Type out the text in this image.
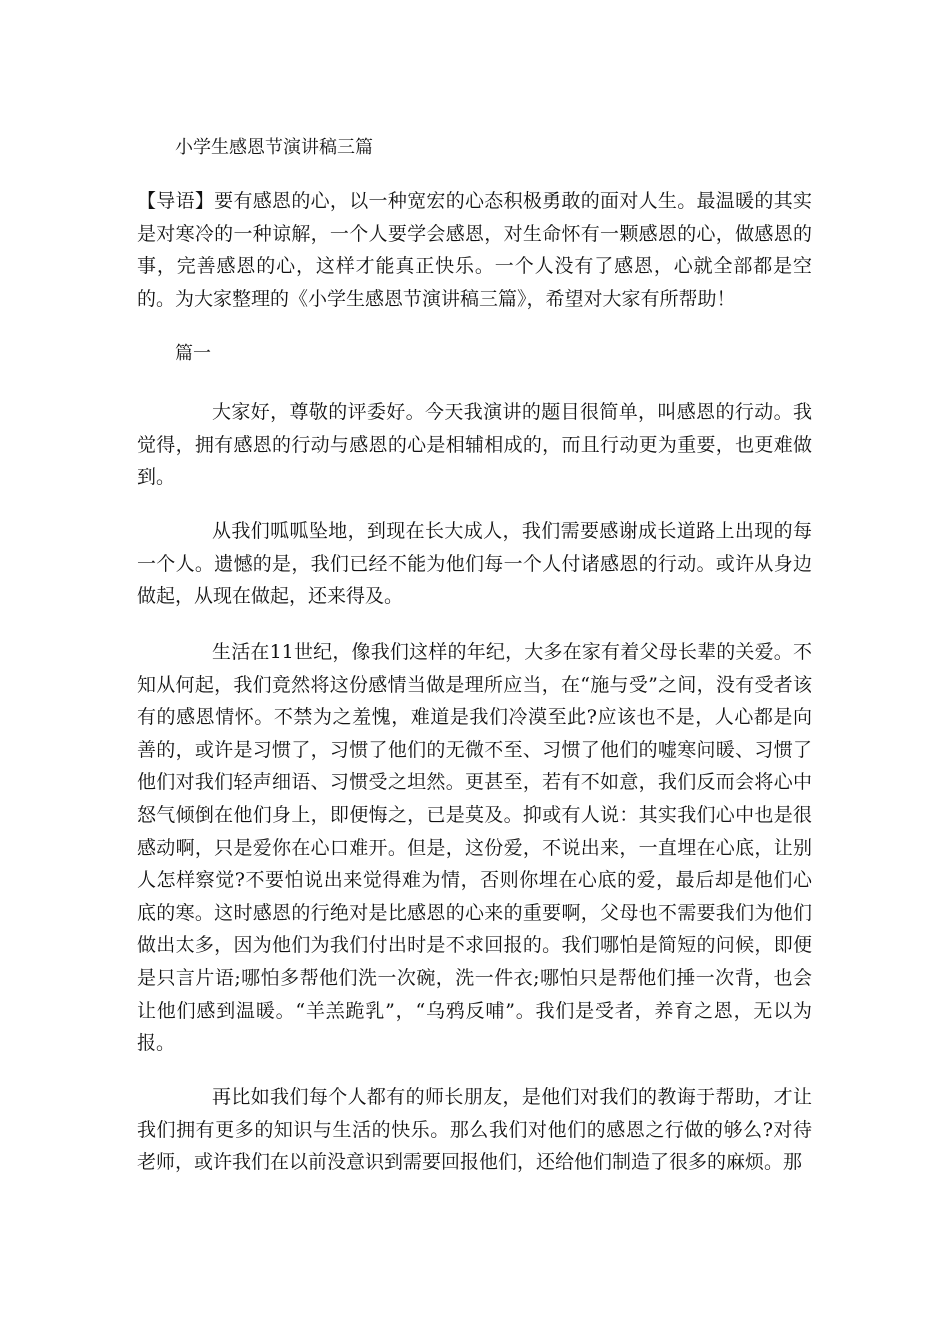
小学生感恩节演讲稿三篇

【导语】要有感恩的心，以一种宽宏的心态积极勇敢的面对人生。最温暖的其实是对寒冷的一种谅解，一个人要学会感恩，对生命怀有一颗感恩的心，做感恩的事，完善感恩的心，这样才能真正快乐。一个人没有了感恩，心就全部都是空的。为大家整理的《小学生感恩节演讲稿三篇》，希望对大家有所帮助！

篇一

大家好，尊敬的评委好。今天我演讲的题目很简单，叫感恩的行动。我觉得，拥有感恩的行动与感恩的心是相辅相成的，而且行动更为重要，也更难做到。

从我们呱呱坠地，到现在长大成人，我们需要感谢成长道路上出现的每一个人。遗憾的是，我们已经不能为他们每一个人付诸感恩的行动。或许从身边做起，从现在做起，还来得及。

生活在11世纪，像我们这样的年纪，大多在家有着父母长辈的关爱。不知从何起，我们竟然将这份感情当做是理所应当，在“施与受”之间，没有受者该有的感恩情怀。不禁为之羞愧，难道是我们冷漠至此?应该也不是，人心都是向善的，或许是习惯了，习惯了他们的无微不至、习惯了他们的嘘寒问暖、习惯了他们对我们轻声细语、习惯受之坦然。更甚至，若有不如意，我们反而会将心中怒气倾倒在他们身上，即便悔之，已是莫及。抑或有人说：其实我们心中也是很感动啊，只是爱你在心口难开。但是，这份爱，不说出来，一直埋在心底，让别人怎样察觉?不要怕说出来觉得难为情，否则你埋在心底的爱，最后却是他们心底的寒。这时感恩的行绝对是比感恩的心来的重要啊，父母也不需要我们为他们做出太多，因为他们为我们付出时是不求回报的。我们哪怕是简短的问候，即便是只言片语;哪怕多帮他们洗一次碗，洗一件衣;哪怕只是帮他们捶一次背，也会让他们感到温暖。“羊羔跪乳”，“乌鸦反哺”。我们是受者，养育之恩，无以为报。

再比如我们每个人都有的师长朋友，是他们对我们的教诲于帮助，才让我们拥有更多的知识与生活的快乐。那么我们对他们的感恩之行做的够么?对待老师，或许我们在以前没意识到需要回报他们，还给他们制造了很多的麻烦。那
